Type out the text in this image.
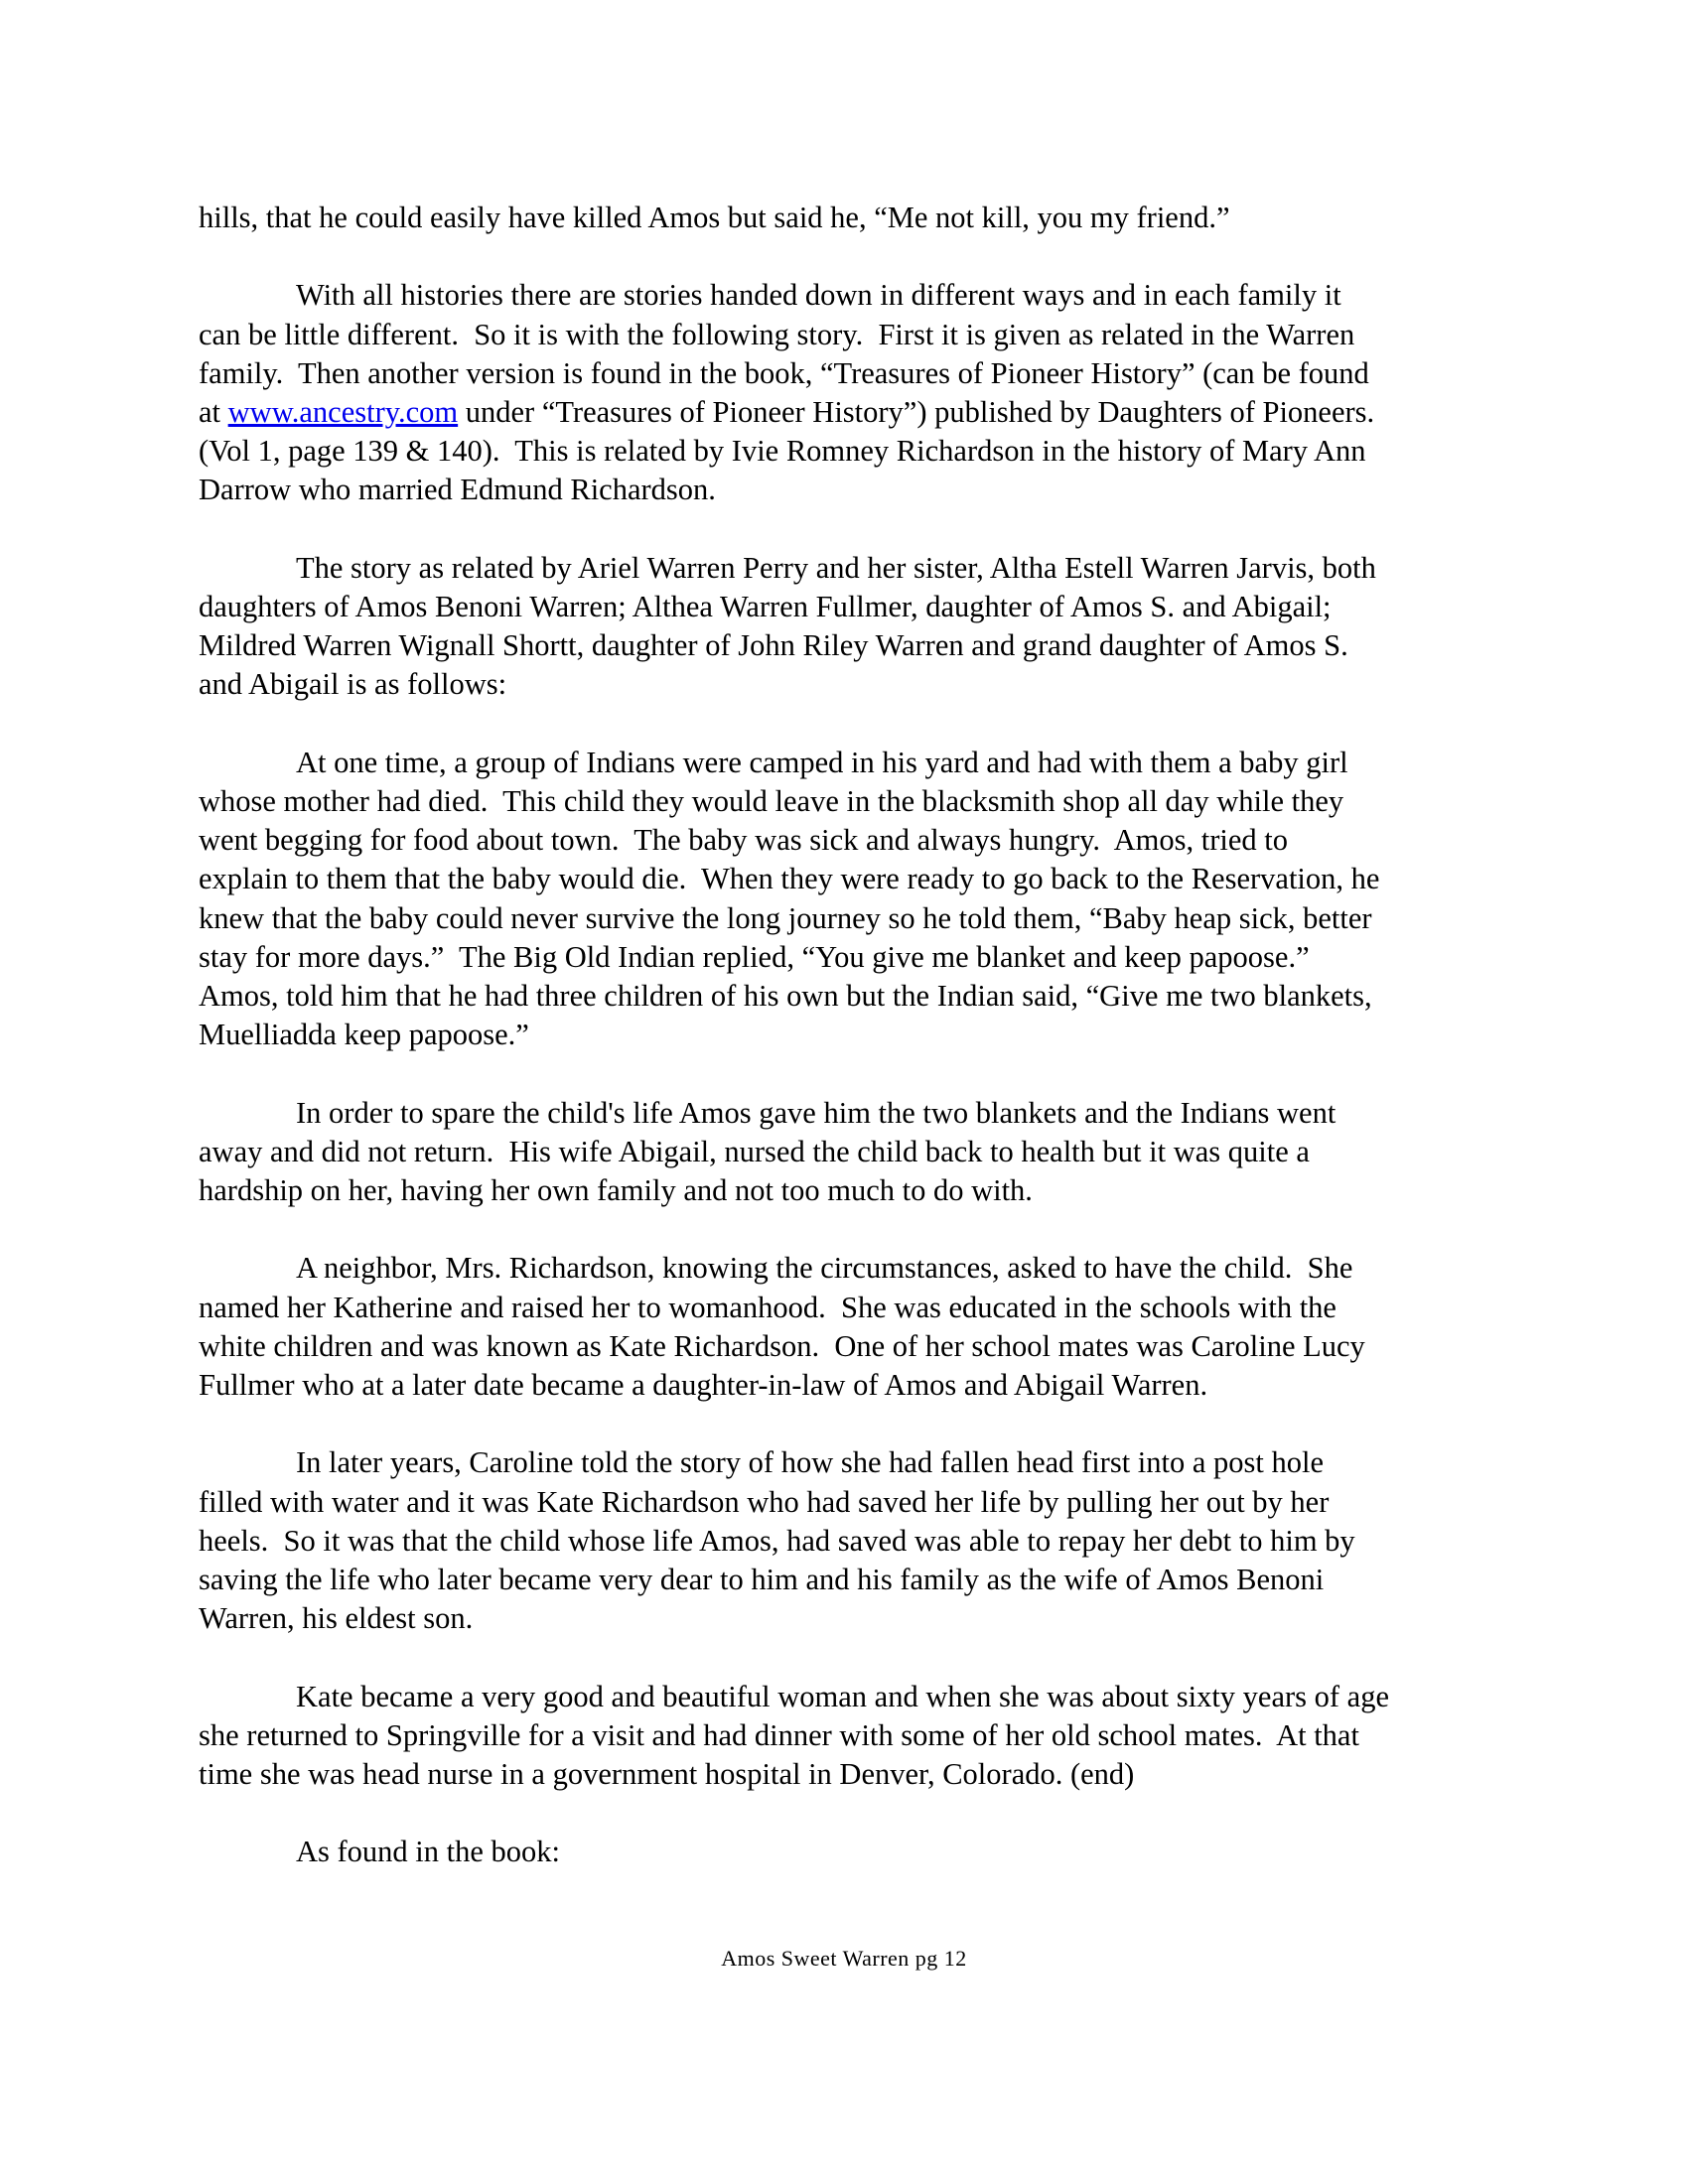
hills, that he could easily have killed Amos but said he, “Me not kill, you my friend.”
With all histories there are stories handed down in different ways and in each family it
can be little different.  So it is with the following story.  First it is given as related in the Warren
family.  Then another version is found in the book, “Treasures of Pioneer History” (can be found
at www.ancestry.com under “Treasures of Pioneer History”) published by Daughters of Pioneers.
(Vol 1, page 139 & 140).  This is related by Ivie Romney Richardson in the history of Mary Ann
Darrow who married Edmund Richardson.
The story as related by Ariel Warren Perry and her sister, Altha Estell Warren Jarvis, both
daughters of Amos Benoni Warren; Althea Warren Fullmer, daughter of Amos S. and Abigail;
Mildred Warren Wignall Shortt, daughter of John Riley Warren and grand daughter of Amos S.
and Abigail is as follows:
At one time, a group of Indians were camped in his yard and had with them a baby girl
whose mother had died.  This child they would leave in the blacksmith shop all day while they
went begging for food about town.  The baby was sick and always hungry.  Amos, tried to
explain to them that the baby would die.  When they were ready to go back to the Reservation, he
knew that the baby could never survive the long journey so he told them, “Baby heap sick, better
stay for more days.”  The Big Old Indian replied, “You give me blanket and keep papoose.”
Amos, told him that he had three children of his own but the Indian said, “Give me two blankets,
Muelliadda keep papoose.”
In order to spare the child's life Amos gave him the two blankets and the Indians went
away and did not return.  His wife Abigail, nursed the child back to health but it was quite a
hardship on her, having her own family and not too much to do with.
A neighbor, Mrs. Richardson, knowing the circumstances, asked to have the child.  She
named her Katherine and raised her to womanhood.  She was educated in the schools with the
white children and was known as Kate Richardson.  One of her school mates was Caroline Lucy
Fullmer who at a later date became a daughter-in-law of Amos and Abigail Warren.
In later years, Caroline told the story of how she had fallen head first into a post hole
filled with water and it was Kate Richardson who had saved her life by pulling her out by her
heels.  So it was that the child whose life Amos, had saved was able to repay her debt to him by
saving the life who later became very dear to him and his family as the wife of Amos Benoni
Warren, his eldest son.
Kate became a very good and beautiful woman and when she was about sixty years of age
she returned to Springville for a visit and had dinner with some of her old school mates.  At that
time she was head nurse in a government hospital in Denver, Colorado. (end)
As found in the book:
Amos Sweet Warren pg 12
